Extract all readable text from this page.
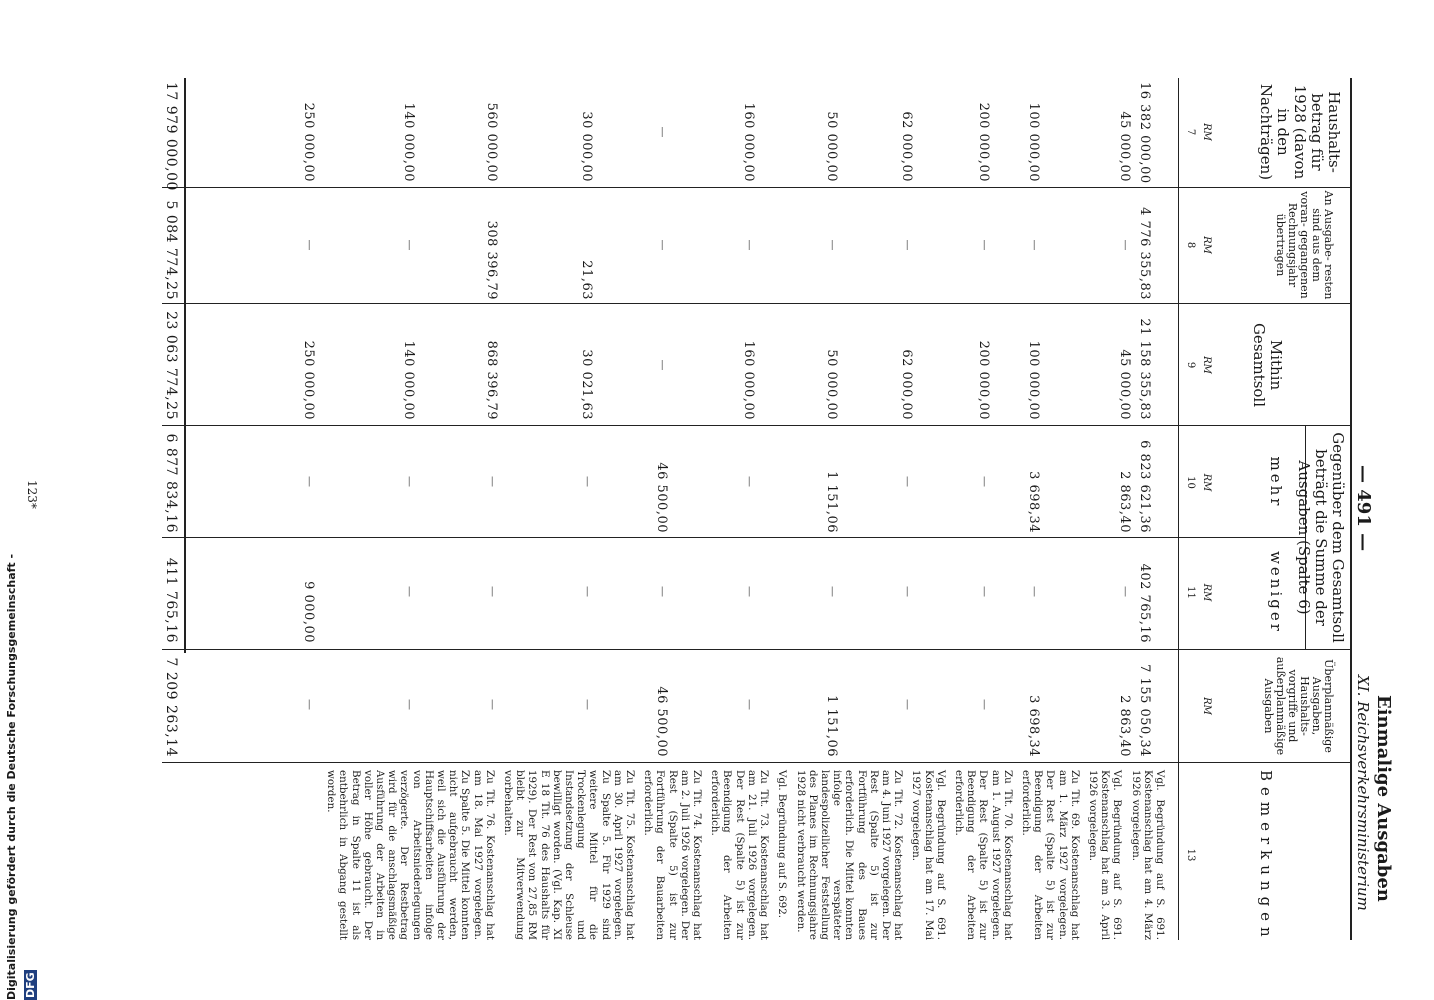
— 491 —
Einmalige Ausgaben
XI. Reichsverkehrsministerium
Haushalts- betrag für 1928 (davon in den Nachträgen)
An Ausgabe- resten sind aus dem voran- gegangenen Rechnungsjahr übertragen
Mithin Gesamtsoll
Gegenüber dem Gesamtsoll beträgt die Summe der Ausgaben (Spalte 6)
mehr
weniger
Überplanmäßige Ausgaben, Haushalts- vorgriffe und außerplanmäßige Ausgaben
Bemerkungen
RM
RM
RM
RM
RM
RM
7
8
9
10
11
13
16 382 000,00
4 776 355,83
21 158 355,83
6 823 621,36
402 765,16
7 155 050,34
45 000,00
—
45 000,00
2 863,40
—
2 863,40
100 000,00
—
100 000,00
3 698,34
—
3 698,34
200 000,00
—
200 000,00
—
—
—
62 000,00
—
62 000,00
—
—
—
50 000,00
—
50 000,00
1 151,06
—
1 151,06
160 000,00
—
160 000,00
—
—
—
—
—
—
46 500,00
—
46 500,00
30 000,00
21,63
30 021,63
—
—
—
560 000,00
308 396,79
868 396,79
—
—
—
140 000,00
—
140 000,00
—
—
—
250 000,00
—
250 000,00
—
9 000,00
—
17 979 000,00
5 084 774,25
23 063 774,25
6 877 834,16
411 765,16
7 209 263,14
Vgl. Begründung auf S. 691. Kostenanschlag hat am 4. März 1926 vorgelegen.
Vgl. Begründung auf S. 691. Kostenanschlag hat am 3. April 1926 vorgelegen.
Zu Tit. 69. Kostenanschlag hat am 1. März 1927 vorgelegen. Der Rest (Spalte 5) ist zur Beendigung der Arbeiten erforderlich.
Zu Tit. 70. Kostenanschlag hat am 1. August 1927 vorgelegen. Der Rest (Spalte 5) ist zur Beendigung der Arbeiten erforderlich.
Vgl. Begründung auf S. 691. Kostenanschlag hat am 17. Mai 1927 vorgelegen.
Zu Tit. 72. Kostenanschlag hat am 4. Juni 1927 vorgelegen. Der Rest (Spalte 5) ist zur Fortführung des Baues erforderlich. Die Mittel konnten infolge verspäteter landespolizeilicher Feststellung des Planes im Rechnungsjahre 1928 nicht verbraucht werden.
Vgl. Begründung auf S. 692.
Zu Tit. 73. Kostenanschlag hat am 21. Juli 1926 vorgelegen. Der Rest (Spalte 5) ist zur Beendigung der Arbeiten erforderlich.
Zu Tit. 74. Kostenanschlag hat am 2. Juli 1926 vorgelegen. Der Rest (Spalte 5) ist zur Fortführung der Bauarbeiten erforderlich.
Zu Tit. 75. Kostenanschlag hat am 30. April 1927 vorgelegen. Zu Spalte 5. Für 1929 sind weitere Mittel für die Trockenlegung und Instandsetzung der Schleuse bewilligt worden. (Vgl. Kap. XI E 18 Tit. 76 des Haushalts für 1929). Der Rest von 27,85 RM bleibt zur Mitverwendung vorbehalten.
Zu Tit. 76. Kostenanschlag hat am 18. Mai 1927 vorgelegen. Zu Spalte 5. Die Mittel konnten nicht aufgebraucht werden, weil sich die Ausführung der Hauptschiffsarbeiten infolge von Arbeitsniederlegungen verzögerte. Der Restbetrag wird für die anschlagsmäßige Ausführung der Arbeiten in voller Höhe gebraucht. Der Betrag in Spalte 11 ist als entbehrlich in Abgang gestellt worden.
123*
Digitalisierung gefördert durch die Deutsche Forschungsgemeinschaft - DFG
